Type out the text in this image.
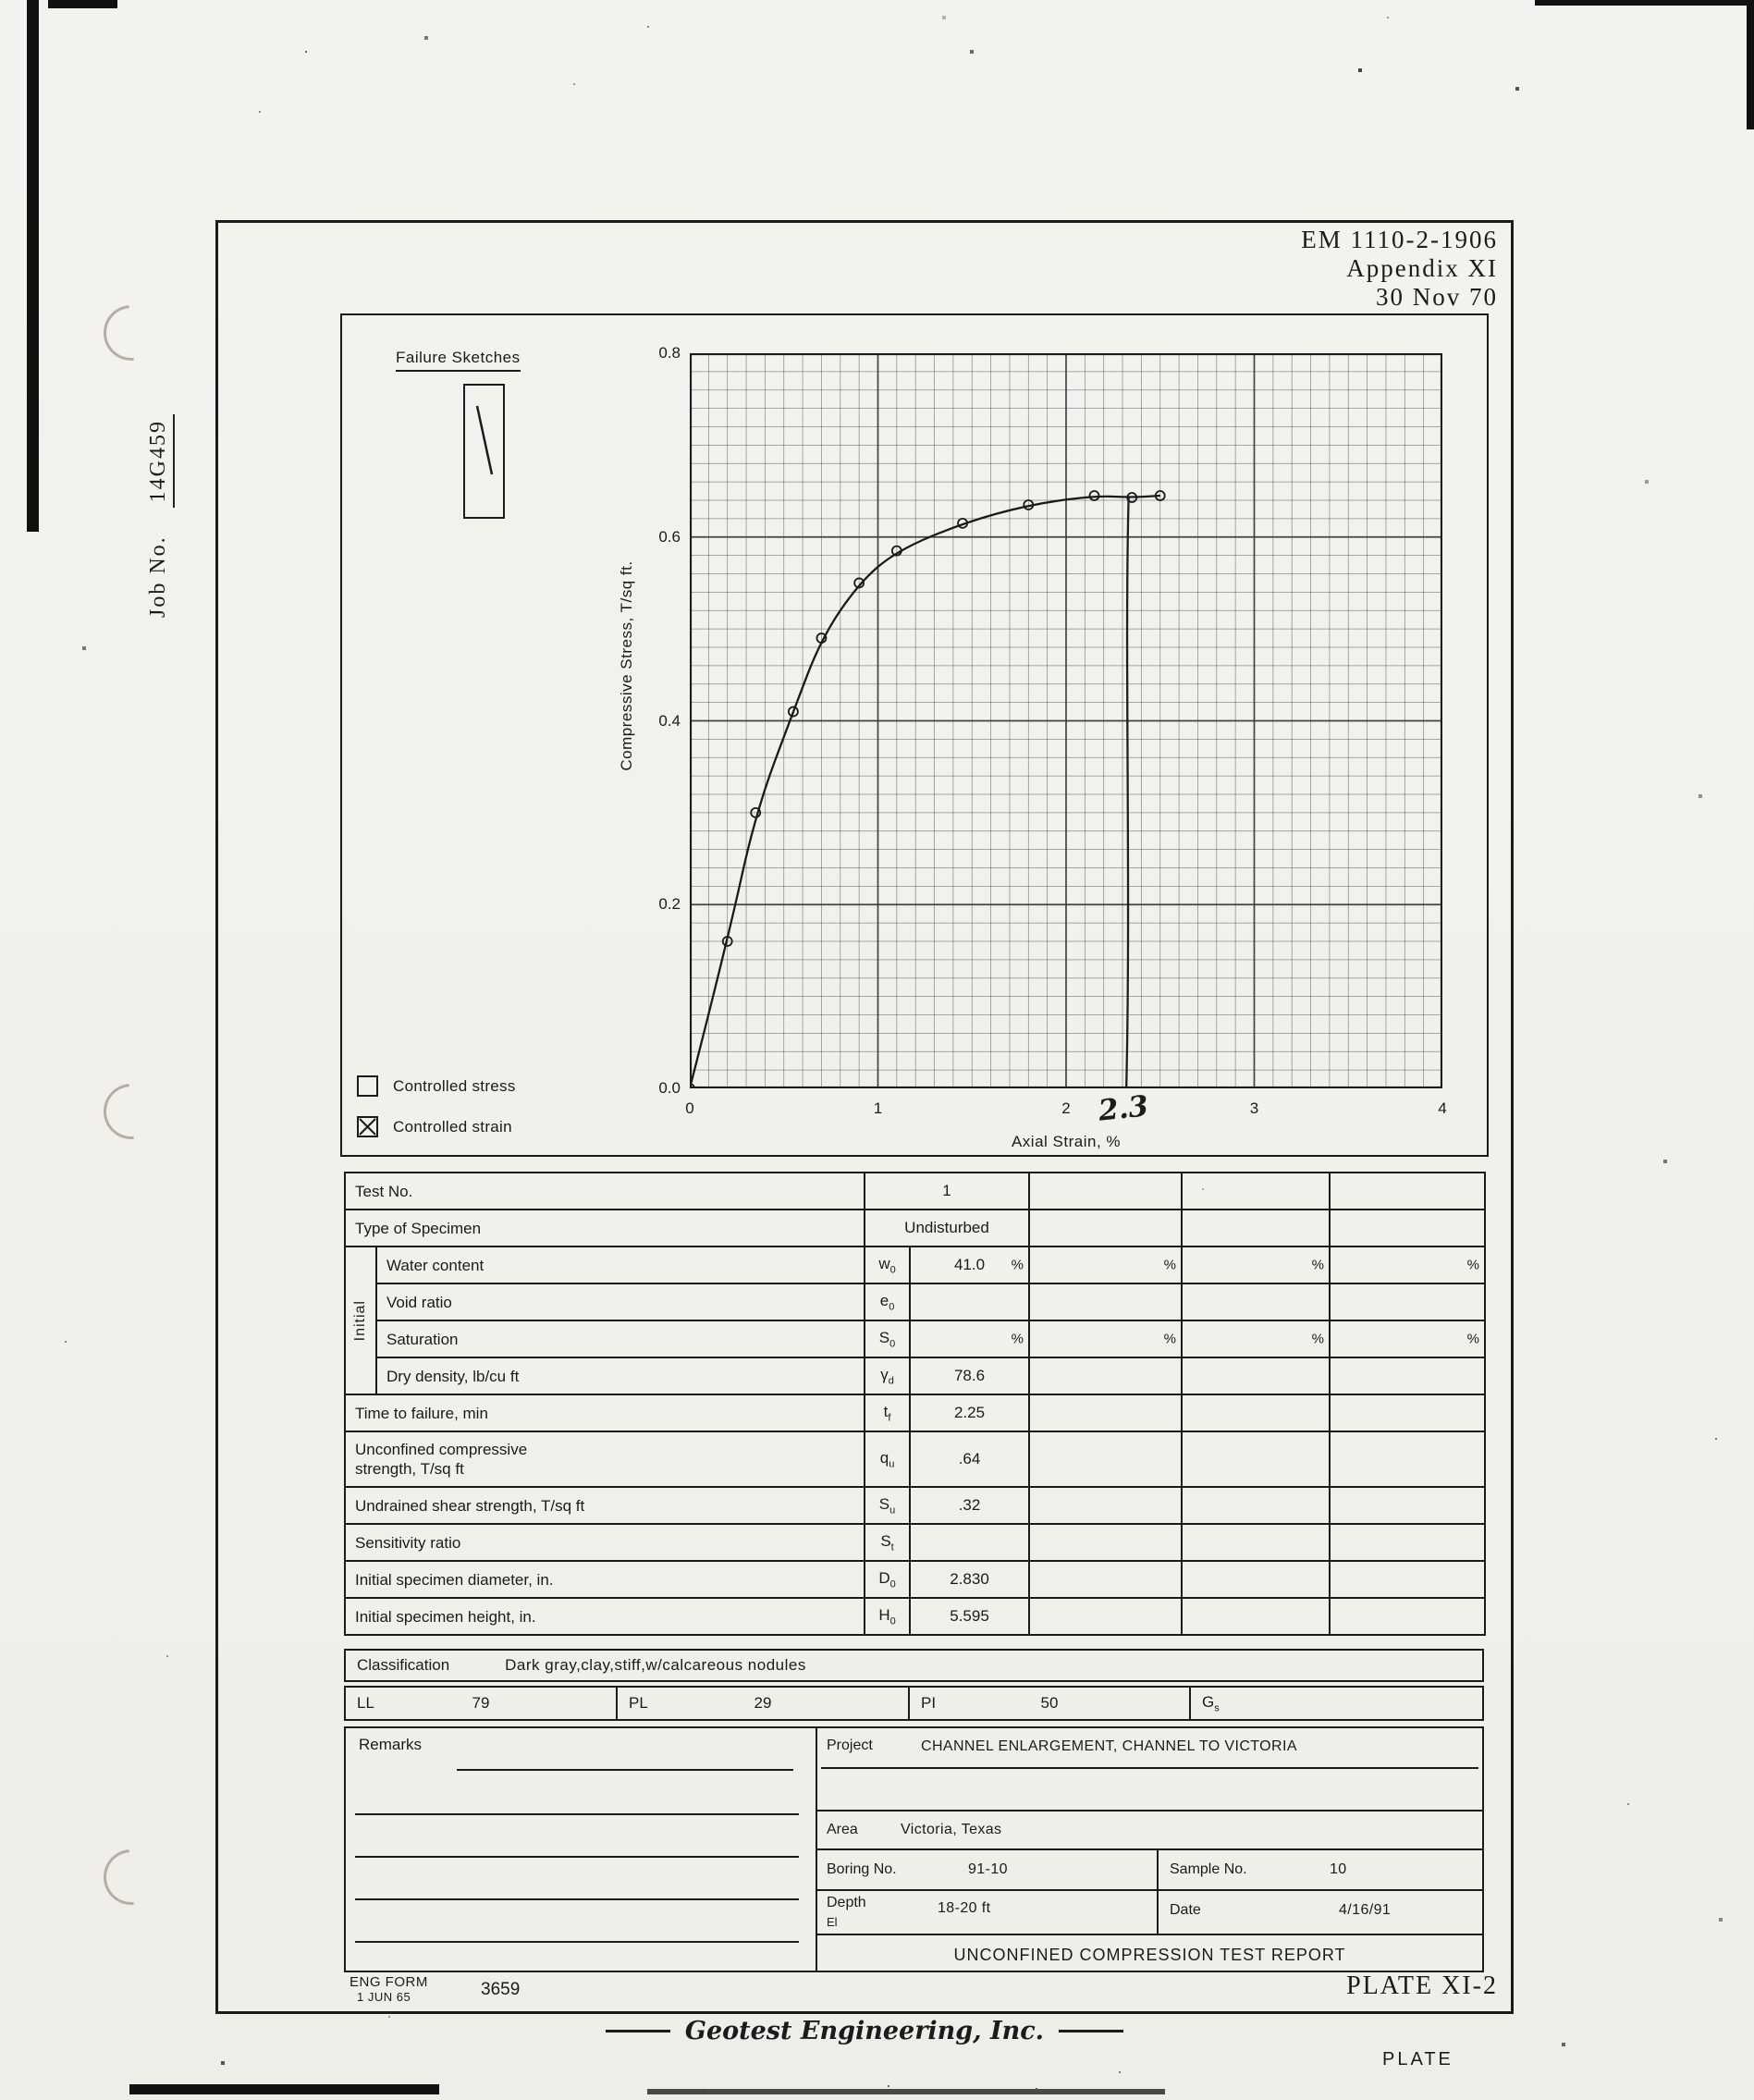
Job No. 14G459
EM 1110-2-1906
Appendix XI
30 Nov 70
Failure Sketches
Axial Strain, %
Compressive Stress, T/sq ft.
2.3
Controlled stress
Controlled strain
0.0
0.2
0.4
0.6
0.8
0	1	2	3	4
Test No.		1				
Type of Specimen		Undisturbed				

Initial	Water content	$w_0$	41.0 %	%	%	%

	Void ratio	$e_0$				
	Saturation	$S_0$	%	%	%	%

	Dry density, lb/cu ft	$\gamma_d$	78.6			
Time to failure, min		$t_f$	2.25			

Unconfined compressive
strength, T/sq ft		$q_u$	.64			
Undrained shear strength, T/sq ft		$S_u$	.32			
Sensitivity ratio		$S_t$				
Initial specimen diameter, in.		$D_0$	2.830			
Initial specimen height, in.		$H_0$	5.595			
Classification	Dark gray,clay,stiff,w/calcareous nodules
LL	79	PL	29	PI	50	$G_s$
Remarks	Project	CHANNEL ENLARGEMENT, CHANNEL TO VICTORIA
Area	Victoria, Texas
Boring No.	91-10	Sample No.	10
Depth
El
18-20 ft	Date	4/16/91
UNCONFINED COMPRESSION TEST REPORT
ENG FORM
1 JUN 65	3659	PLATE XI-2
Geotest Engineering, Inc.
PLATE
